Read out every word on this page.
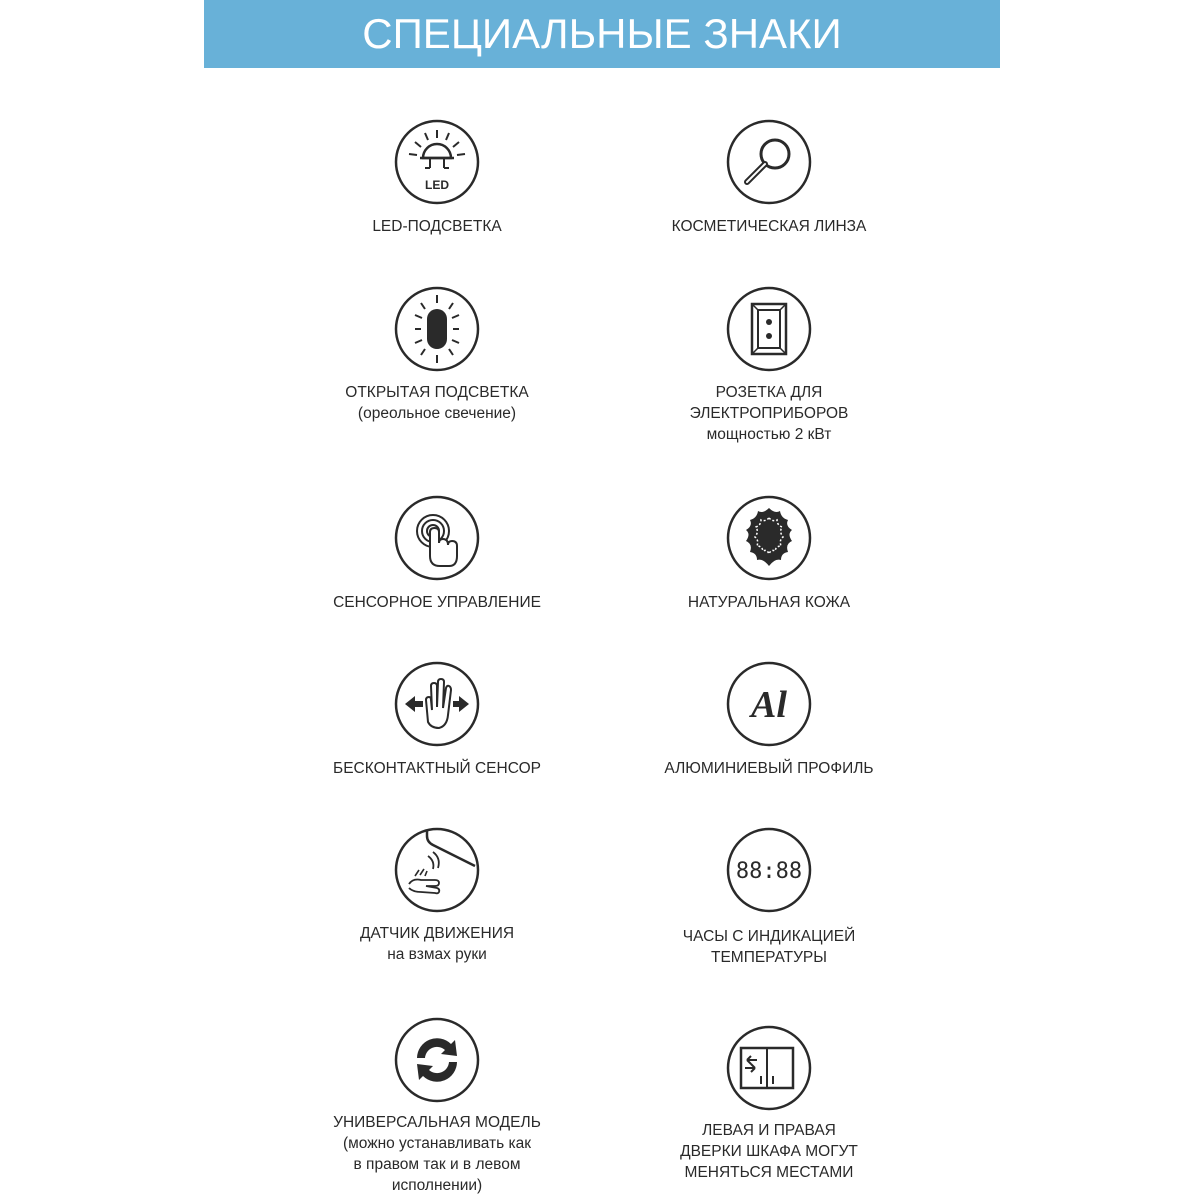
СПЕЦИАЛЬНЫЕ ЗНАКИ
LED
LED-ПОДСВЕТКА	КОСМЕТИЧЕСКАЯ ЛИНЗА
ОТКРЫТАЯ ПОДСВЕТКА
(ореольное свечение)
РОЗЕТКА ДЛЯ
ЭЛЕКТРОПРИБОРОВ
мощностью 2 кВт
СЕНСОРНОЕ УПРАВЛЕНИЕ	НАТУРАЛЬНАЯ КОЖА
БЕСКОНТАКТНЫЙ СЕНСОР
Al
АЛЮМИНИЕВЫЙ ПРОФИЛЬ
ДАТЧИК ДВИЖЕНИЯ
на взмах руки
88:88
ЧАСЫ С ИНДИКАЦИЕЙ
ТЕМПЕРАТУРЫ
УНИВЕРСАЛЬНАЯ МОДЕЛЬ
(можно устанавливать как
в правом так и в левом
исполнении)
ЛЕВАЯ И ПРАВАЯ
ДВЕРКИ ШКАФА МОГУТ
МЕНЯТЬСЯ МЕСТАМИ
